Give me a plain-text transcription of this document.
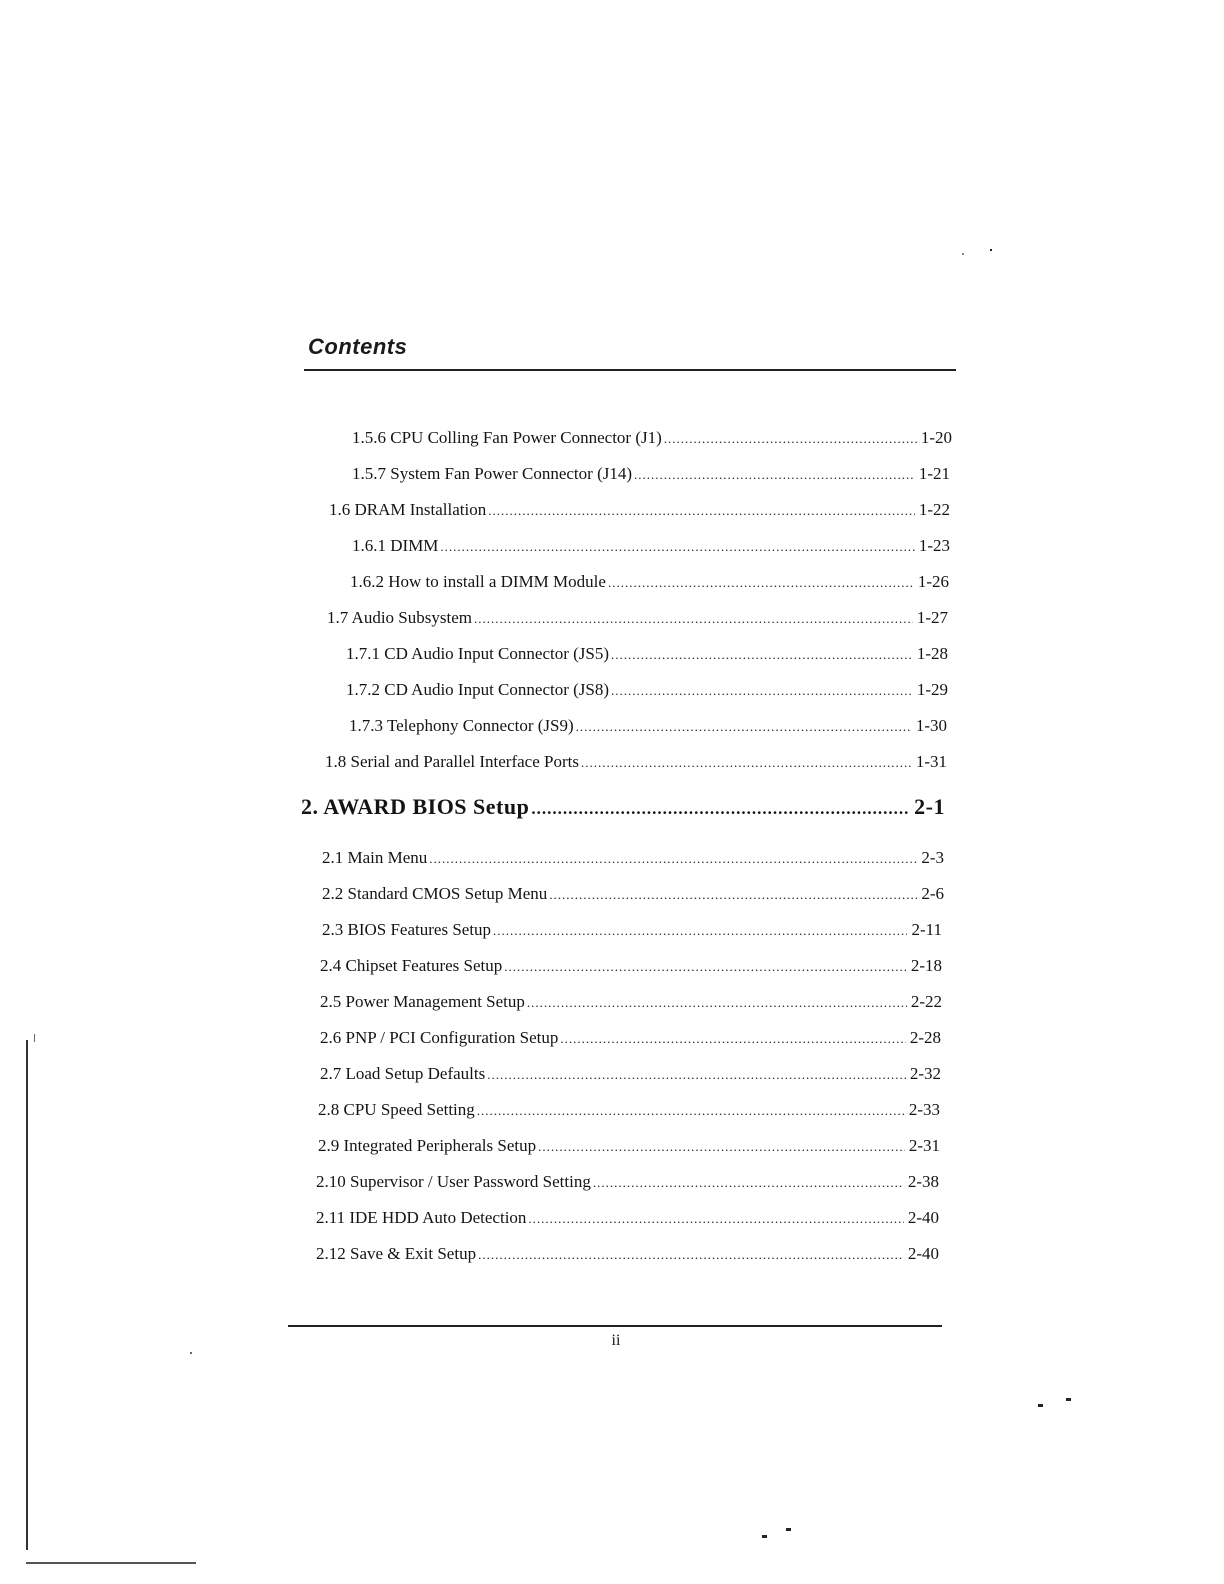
Contents
1.5.6 CPU Colling Fan Power Connector (J1) .....	1-20
1.5.7 System Fan Power Connector (J14) .....	1-21
1.6 DRAM Installation .....	1-22
1.6.1 DIMM .....	1-23
1.6.2 How to install a DIMM Module .....	1-26
1.7 Audio Subsystem .....	1-27
1.7.1 CD Audio Input Connector (JS5) .....	1-28
1.7.2 CD Audio Input Connector (JS8) .....	1-29
1.7.3 Telephony Connector (JS9) .....	1-30
1.8 Serial and Parallel Interface Ports .....	1-31
2. AWARD BIOS Setup .....	2-1
2.1 Main Menu .....	2-3
2.2 Standard CMOS Setup Menu .....	2-6
2.3 BIOS Features Setup .....	2-11
2.4 Chipset Features Setup .....	2-18
2.5 Power Management Setup .....	2-22
2.6 PNP / PCI Configuration Setup .....	2-28
2.7 Load Setup Defaults .....	2-32
2.8 CPU Speed Setting .....	2-33
2.9 Integrated Peripherals Setup .....	2-31
2.10 Supervisor / User Password Setting .....	2-38
2.11 IDE HDD Auto Detection .....	2-40
2.12 Save & Exit Setup .....	2-40
ii
